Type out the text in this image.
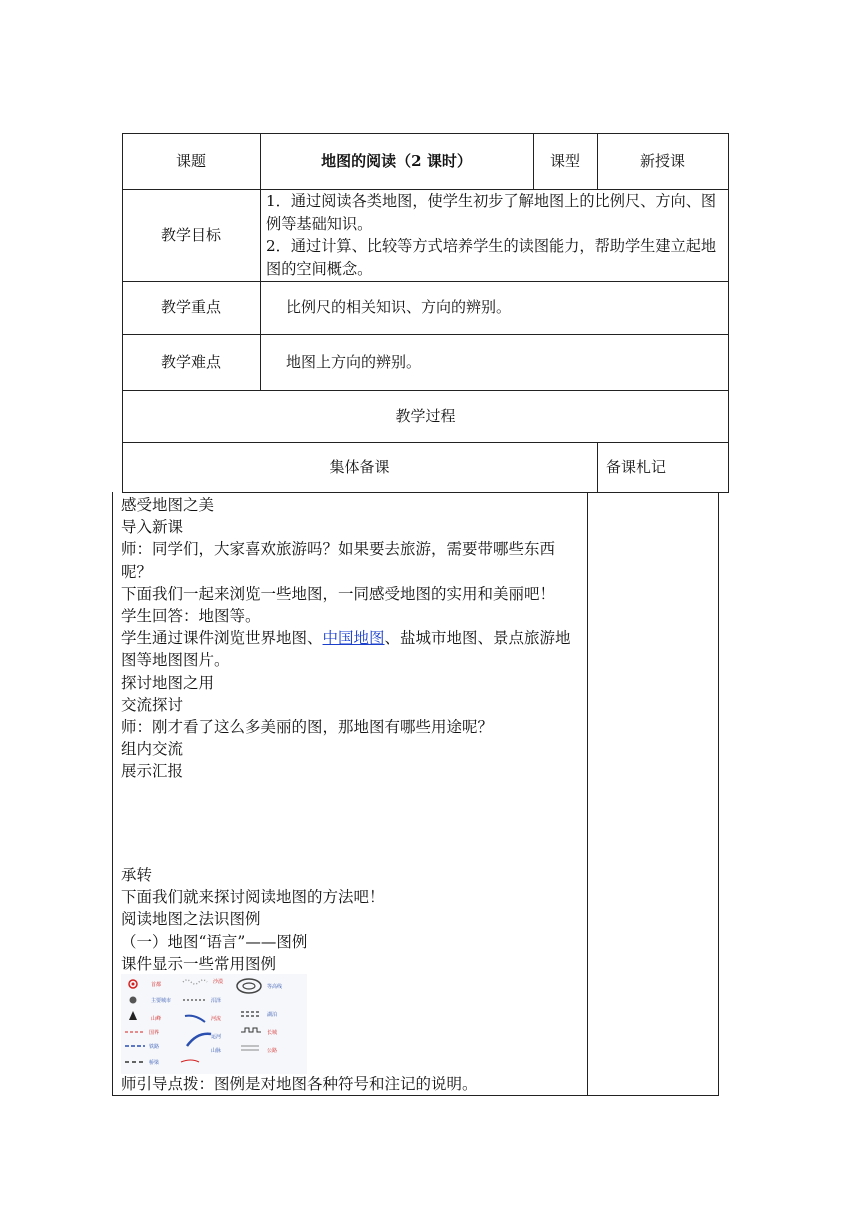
课题	地图的阅读（2 课时）	课型	新授课
教学目标
1．通过阅读各类地图，使学生初步了解地图上的比例尺、方向、图例等基础知识。
2．通过计算、比较等方式培养学生的读图能力，帮助学生建立起地图的空间概念。
教学重点	比例尺的相关知识、方向的辨别。
教学难点	地图上方向的辨别。
教学过程
集体备课	备课札记
感受地图之美
导入新课
师：同学们，大家喜欢旅游吗？如果要去旅游，需要带哪些东西呢？
下面我们一起来浏览一些地图，一同感受地图的实用和美丽吧！
学生回答：地图等。
学生通过课件浏览世界地图、中国地图、盐城市地图、景点旅游地图等地图图片。
探讨地图之用
交流探讨
师：刚才看了这么多美丽的图，那地图有哪些用途呢？
组内交流
展示汇报
承转
下面我们就来探讨阅读地图的方法吧！
阅读地图之法识图例
（一）地图“语言”——图例
课件显示一些常用图例
首都	沙漠
等高线
主要城市	沼泽
山峰	河流
湖泊
国界
运河
长城
铁路
山脉	公路
桥梁
师引导点拨：图例是对地图各种符号和注记的说明。
